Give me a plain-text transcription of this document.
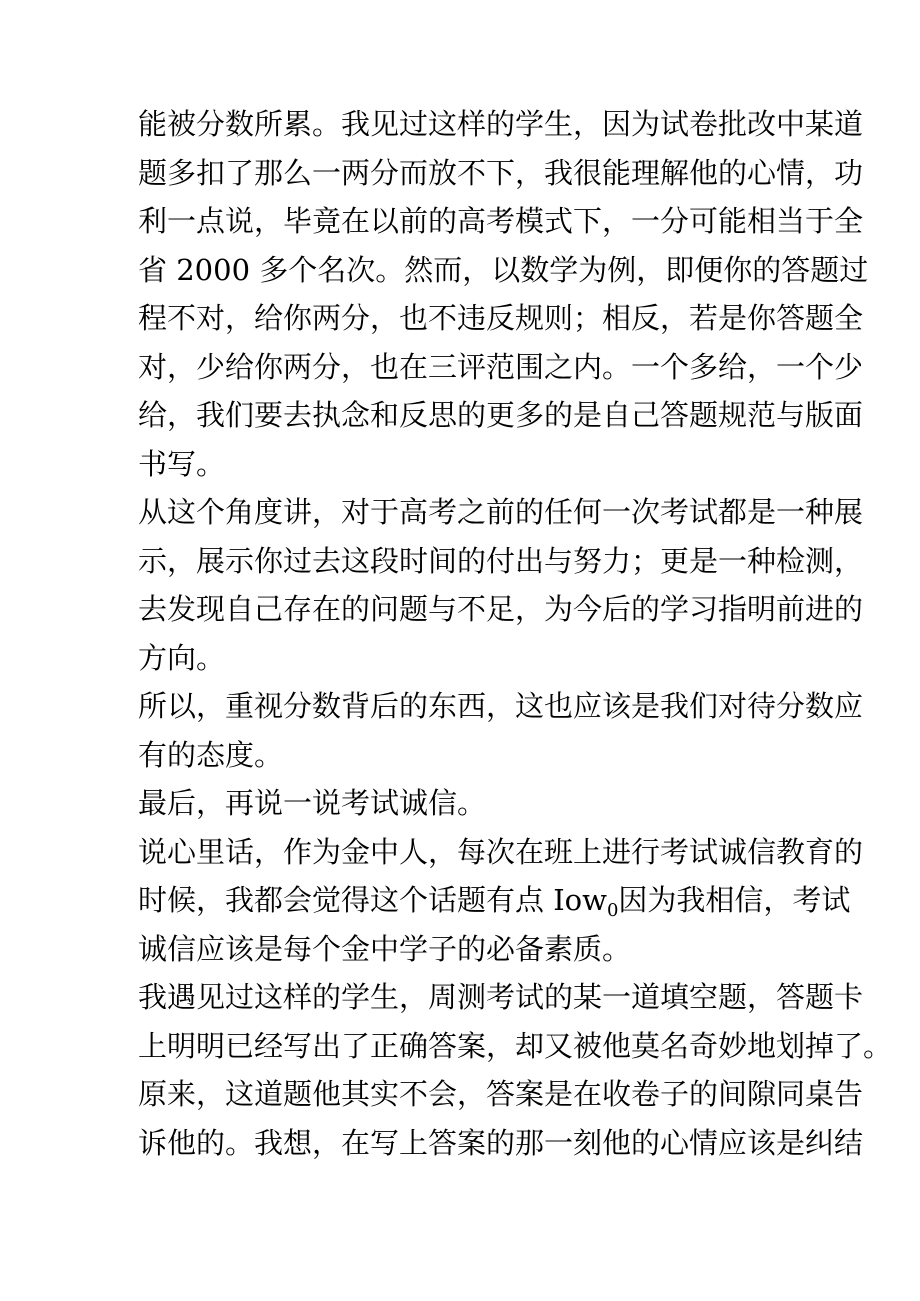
能被分数所累。我见过这样的学生，因为试卷批改中某道
题多扣了那么一两分而放不下，我很能理解他的心情，功
利一点说，毕竟在以前的高考模式下，一分可能相当于全
省 2000 多个名次。然而，以数学为例，即便你的答题过
程不对，给你两分，也不违反规则；相反，若是你答题全
对，少给你两分，也在三评范围之内。一个多给，一个少
给，我们要去执念和反思的更多的是自己答题规范与版面
书写。
从这个角度讲，对于高考之前的任何一次考试都是一种展
示，展示你过去这段时间的付出与努力；更是一种检测，
去发现自己存在的问题与不足，为今后的学习指明前进的
方向。
所以，重视分数背后的东西，这也应该是我们对待分数应
有的态度。
最后，再说一说考试诚信。
说心里话，作为金中人，每次在班上进行考试诚信教育的
时候，我都会觉得这个话题有点 Iow$_0$因为我相信，考试
诚信应该是每个金中学子的必备素质。
我遇见过这样的学生，周测考试的某一道填空题，答题卡
上明明已经写出了正确答案，却又被他莫名奇妙地划掉了。
原来，这道题他其实不会，答案是在收卷子的间隙同桌告
诉他的。我想，在写上答案的那一刻他的心情应该是纠结
